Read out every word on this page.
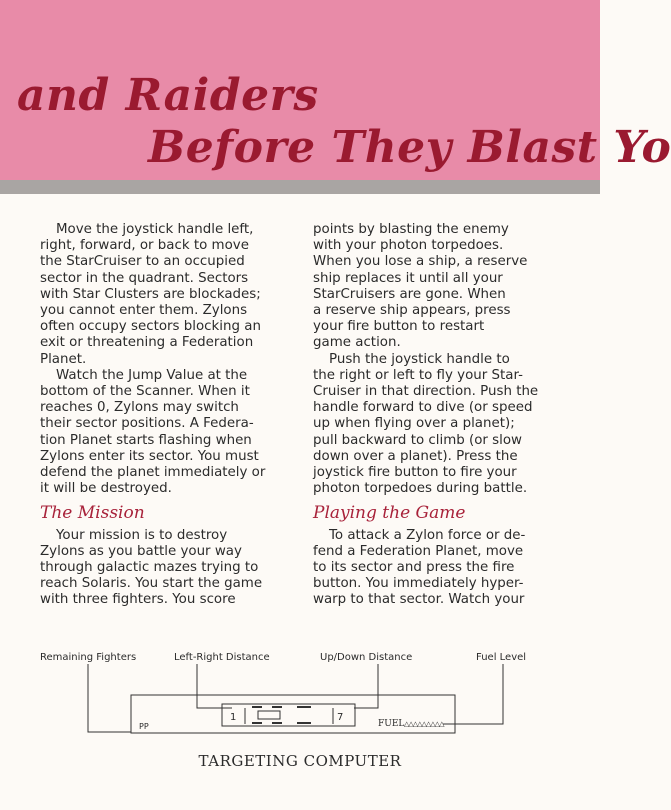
and Raiders
Before They Blast Yo
Move the joystick handle left,
right, forward, or back to move
the StarCruiser to an occupied
sector in the quadrant. Sectors
with Star Clusters are blockades;
you cannot enter them. Zylons
often occupy sectors blocking an
exit or threatening a Federation
Planet.
Watch the Jump Value at the
bottom of the Scanner. When it
reaches 0, Zylons may switch
their sector positions. A Federa-
tion Planet starts flashing when
Zylons enter its sector. You must
defend the planet immediately or
it will be destroyed.
The Mission
Your mission is to destroy
Zylons as you battle your way
through galactic mazes trying to
reach Solaris. You start the game
with three fighters. You score
points by blasting the enemy
with your photon torpedoes.
When you lose a ship, a reserve
ship replaces it until all your
StarCruisers are gone. When
a reserve ship appears, press
your fire button to restart
game action.
Push the joystick handle to
the right or left to fly your Star-
Cruiser in that direction. Push the
handle forward to dive (or speed
up when flying over a planet);
pull backward to climb (or slow
down over a planet). Press the
joystick fire button to fire your
photon torpedoes during battle.
Playing the Game
To attack a Zylon force or de-
fend a Federation Planet, move
to its sector and press the fire
button. You immediately hyper-
warp to that sector. Watch your
Remaining Fighters	Left-Right Distance	Up/Down Distance	Fuel Level
PP
1	7
FUEL △△△△△△△△△
TARGETING COMPUTER
